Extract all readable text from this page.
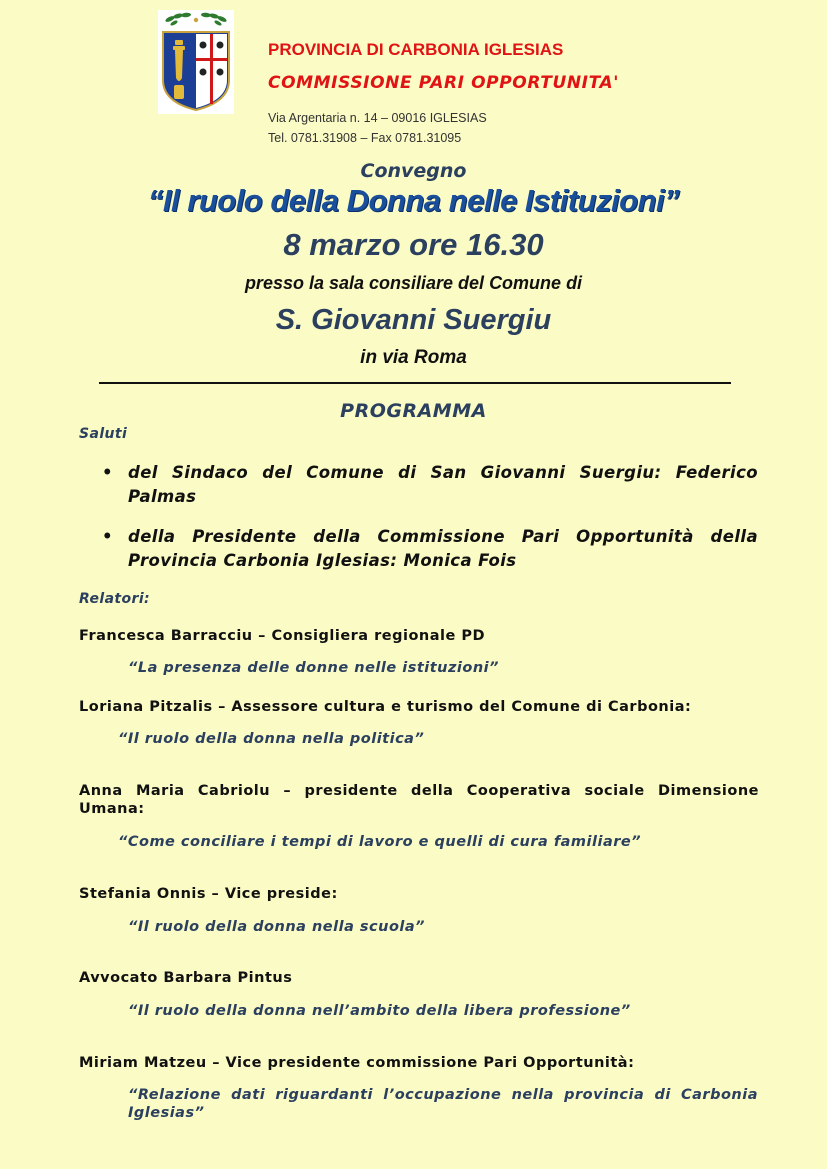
PROVINCIA DI CARBONIA IGLESIAS
COMMISSIONE PARI OPPORTUNITA'
Via Argentaria n. 14 – 09016 IGLESIAS
Tel. 0781.31908 – Fax 0781.31095
Convegno
“Il ruolo della Donna nelle Istituzioni”
8 marzo ore 16.30
presso la sala consiliare del Comune di
S. Giovanni Suergiu
in via Roma
PROGRAMMA
Saluti
• del Sindaco del Comune di San Giovanni Suergiu: Federico Palmas
• della Presidente della Commissione Pari Opportunità della Provincia Carbonia Iglesias: Monica Fois
Relatori:
Francesca Barracciu – Consigliera regionale PD
“La presenza delle donne nelle istituzioni”
Loriana Pitzalis – Assessore cultura e turismo del Comune di Carbonia:
“Il ruolo della donna nella politica”
Anna Maria Cabriolu – presidente della Cooperativa sociale Dimensione Umana:
“Come conciliare i tempi di lavoro e quelli di cura familiare”
Stefania Onnis – Vice preside:
“Il ruolo della donna nella scuola”
Avvocato Barbara Pintus
“Il ruolo della donna nell’ambito della libera professione”
Miriam Matzeu – Vice presidente commissione Pari Opportunità:
“Relazione dati riguardanti l’occupazione nella provincia di Carbonia Iglesias”
